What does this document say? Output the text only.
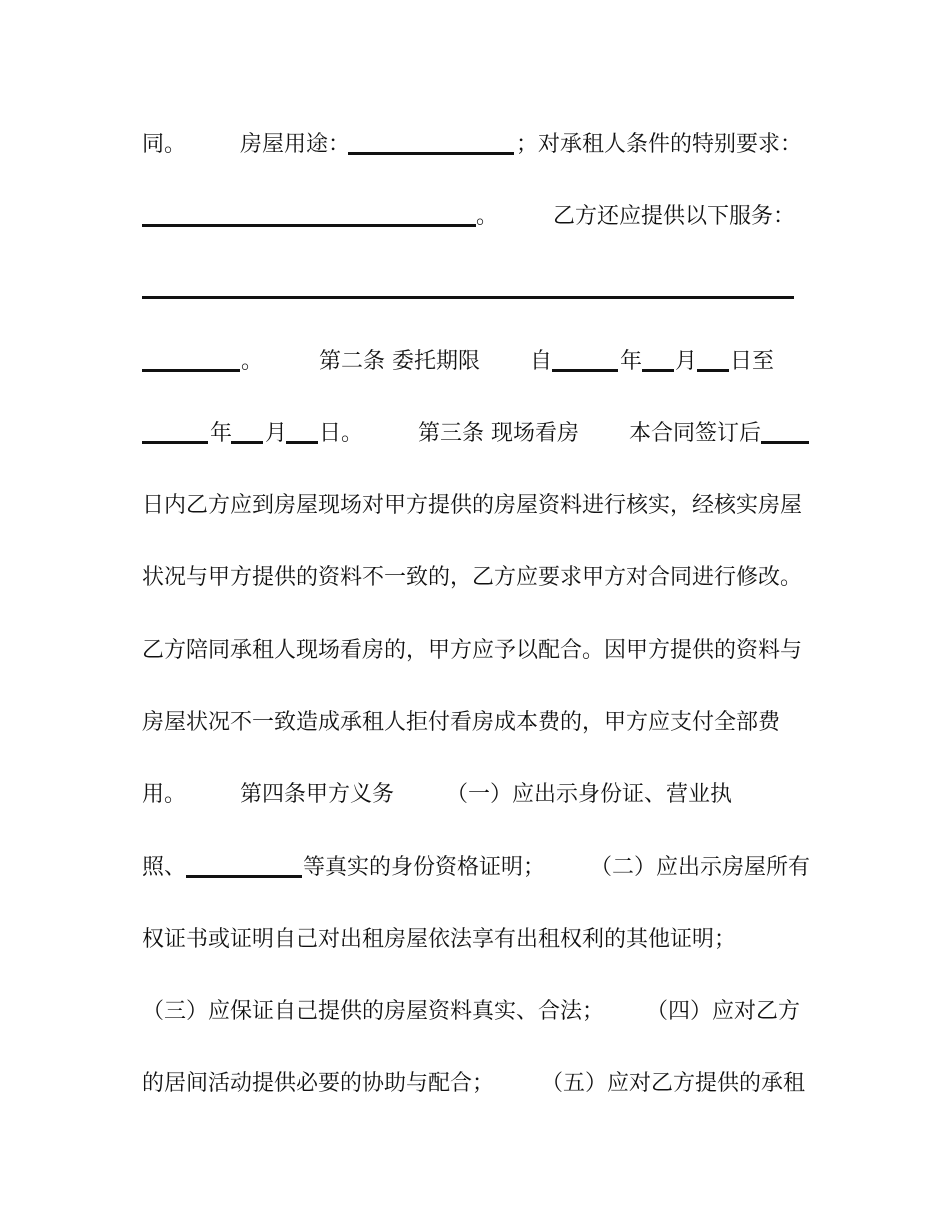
同。 房屋用途：	；对承租人条件的特别要求：
。 乙方还应提供以下服务：
。	第二条 委托期限 自	年 月 日至
年 月 日。 第三条 现场看房 本合同签订后
日内乙方应到房屋现场对甲方提供的房屋资料进行核实，经核实房屋
状况与甲方提供的资料不一致的，乙方应要求甲方对合同进行修改。
乙方陪同承租人现场看房的，甲方应予以配合。因甲方提供的资料与
房屋状况不一致造成承租人拒付看房成本费的，甲方应支付全部费
用。 第四条甲方义务 （一）应出示身份证、营业执
照、	等真实的身份资格证明； （二）应出示房屋所有
权证书或证明自己对出租房屋依法享有出租权利的其他证明；
（三）应保证自己提供的房屋资料真实、合法； （四）应对乙方
的居间活动提供必要的协助与配合； （五）应对乙方提供的承租
